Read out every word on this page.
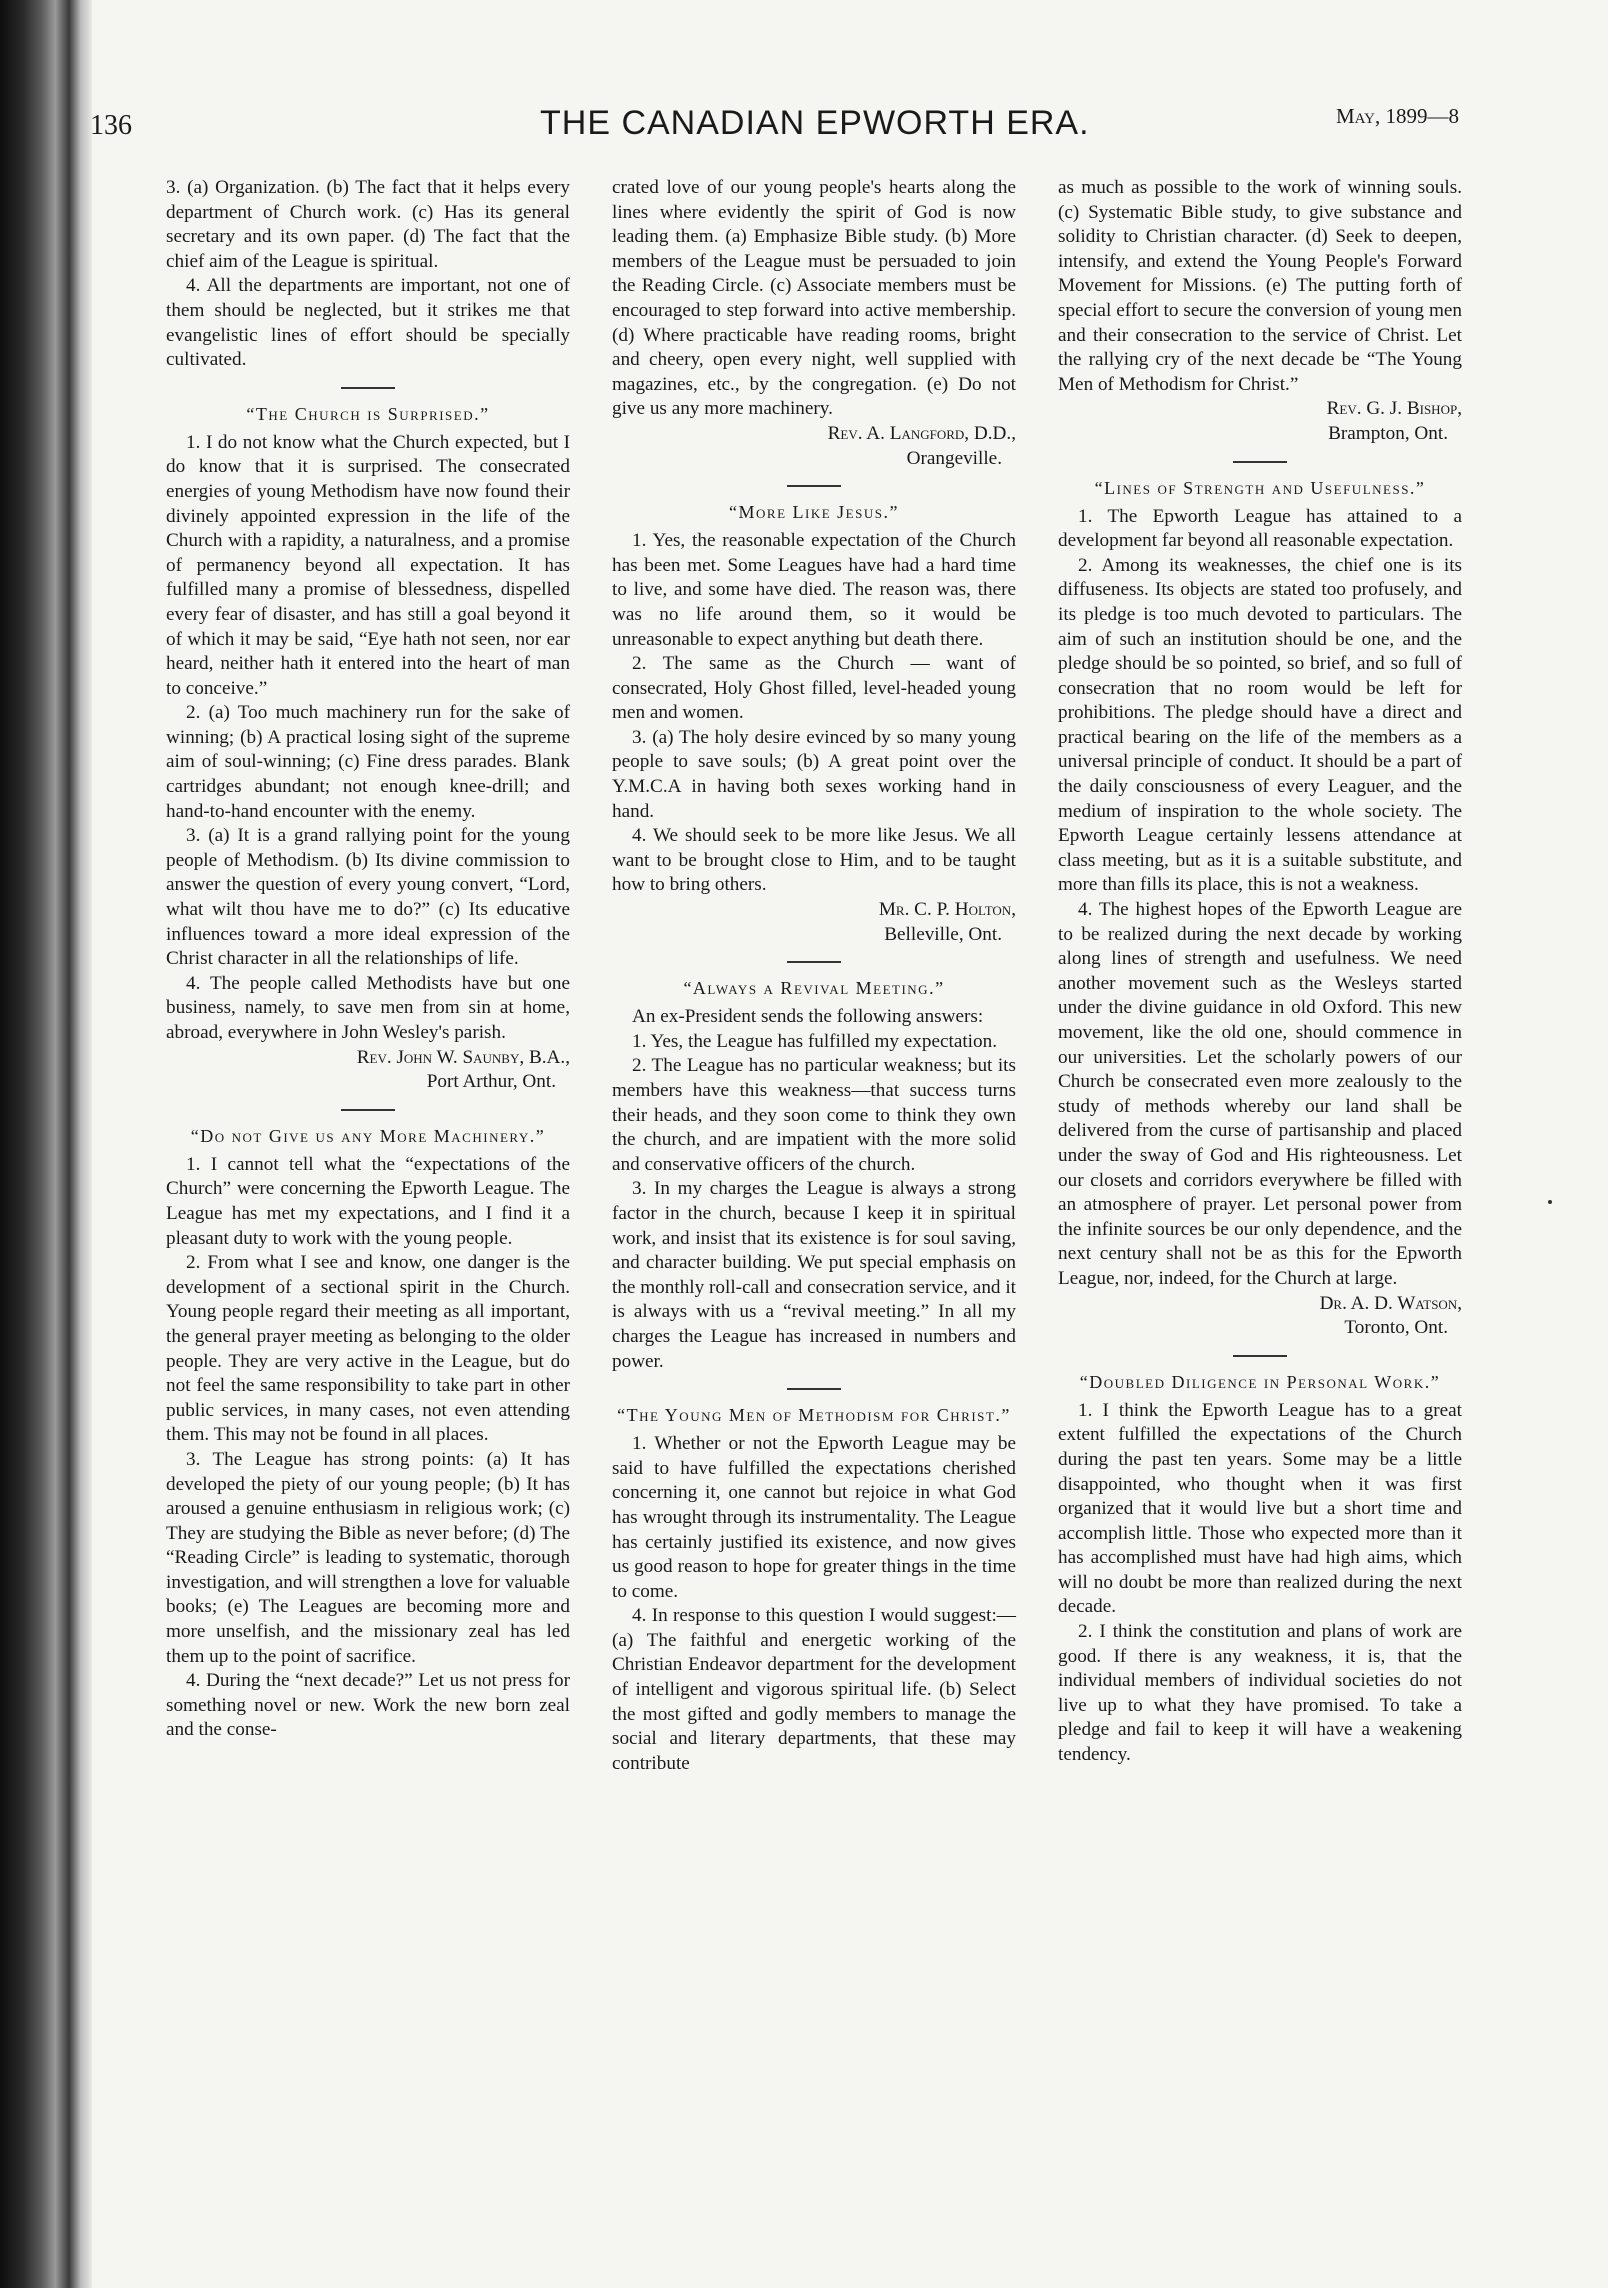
136	THE CANADIAN EPWORTH ERA.	May, 1899—8

3. (a) Organization. (b) The fact that it helps every department of Church work. (c) Has its general secretary and its own paper. (d) The fact that the chief aim of the League is spiritual.

4. All the departments are important, not one of them should be neglected, but it strikes me that evangelistic lines of effort should be specially cultivated.

“The Church is Surprised.”

1. I do not know what the Church expected, but I do know that it is surprised. The consecrated energies of young Methodism have now found their divinely appointed expression in the life of the Church with a rapidity, a naturalness, and a promise of permanency beyond all expectation. It has fulfilled many a promise of blessedness, dispelled every fear of disaster, and has still a goal beyond it of which it may be said, “Eye hath not seen, nor ear heard, neither hath it entered into the heart of man to conceive.”

2. (a) Too much machinery run for the sake of winning; (b) A practical losing sight of the supreme aim of soul-winning; (c) Fine dress parades. Blank cartridges abundant; not enough knee-drill; and hand-to-hand encounter with the enemy.

3. (a) It is a grand rallying point for the young people of Methodism. (b) Its divine commission to answer the question of every young convert, “Lord, what wilt thou have me to do?” (c) Its educative influences toward a more ideal expression of the Christ character in all the relationships of life.

4. The people called Methodists have but one business, namely, to save men from sin at home, abroad, everywhere in John Wesley's parish.

Rev. John W. Saunby, B.A.,

Port Arthur, Ont.

“Do not Give us any More Machinery.”

1. I cannot tell what the “expectations of the Church” were concerning the Epworth League. The League has met my expectations, and I find it a pleasant duty to work with the young people.

2. From what I see and know, one danger is the development of a sectional spirit in the Church. Young people regard their meeting as all important, the general prayer meeting as belonging to the older people. They are very active in the League, but do not feel the same responsibility to take part in other public services, in many cases, not even attending them. This may not be found in all places.

3. The League has strong points: (a) It has developed the piety of our young people; (b) It has aroused a genuine enthusiasm in religious work; (c) They are studying the Bible as never before; (d) The “Reading Circle” is leading to systematic, thorough investigation, and will strengthen a love for valuable books; (e) The Leagues are becoming more and more unselfish, and the missionary zeal has led them up to the point of sacrifice.

4. During the “next decade?” Let us not press for something novel or new. Work the new born zeal and the conse-

crated love of our young people's hearts along the lines where evidently the spirit of God is now leading them. (a) Emphasize Bible study. (b) More members of the League must be persuaded to join the Reading Circle. (c) Associate members must be encouraged to step forward into active membership. (d) Where practicable have reading rooms, bright and cheery, open every night, well supplied with magazines, etc., by the congregation. (e) Do not give us any more machinery.

Rev. A. Langford, D.D.,

Orangeville.

“More Like Jesus.”

1. Yes, the reasonable expectation of the Church has been met. Some Leagues have had a hard time to live, and some have died. The reason was, there was no life around them, so it would be unreasonable to expect anything but death there.

2. The same as the Church — want of consecrated, Holy Ghost filled, level-headed young men and women.

3. (a) The holy desire evinced by so many young people to save souls; (b) A great point over the Y.M.C.A in having both sexes working hand in hand.

4. We should seek to be more like Jesus. We all want to be brought close to Him, and to be taught how to bring others.

Mr. C. P. Holton,

Belleville, Ont.

“Always a Revival Meeting.”

An ex-President sends the following answers:

1. Yes, the League has fulfilled my expectation.

2. The League has no particular weakness; but its members have this weakness—that success turns their heads, and they soon come to think they own the church, and are impatient with the more solid and conservative officers of the church.

3. In my charges the League is always a strong factor in the church, because I keep it in spiritual work, and insist that its existence is for soul saving, and character building. We put special emphasis on the monthly roll-call and consecration service, and it is always with us a “revival meeting.” In all my charges the League has increased in numbers and power.

“The Young Men of Methodism for Christ.”

1. Whether or not the Epworth League may be said to have fulfilled the expectations cherished concerning it, one cannot but rejoice in what God has wrought through its instrumentality. The League has certainly justified its existence, and now gives us good reason to hope for greater things in the time to come.

4. In response to this question I would suggest:— (a) The faithful and energetic working of the Christian Endeavor department for the development of intelligent and vigorous spiritual life. (b) Select the most gifted and godly members to manage the social and literary departments, that these may contribute

as much as possible to the work of winning souls. (c) Systematic Bible study, to give substance and solidity to Christian character. (d) Seek to deepen, intensify, and extend the Young People's Forward Movement for Missions. (e) The putting forth of special effort to secure the conversion of young men and their consecration to the service of Christ. Let the rallying cry of the next decade be “The Young Men of Methodism for Christ.”

Rev. G. J. Bishop,

Brampton, Ont.

“Lines of Strength and Usefulness.”

1. The Epworth League has attained to a development far beyond all reasonable expectation.

2. Among its weaknesses, the chief one is its diffuseness. Its objects are stated too profusely, and its pledge is too much devoted to particulars. The aim of such an institution should be one, and the pledge should be so pointed, so brief, and so full of consecration that no room would be left for prohibitions. The pledge should have a direct and practical bearing on the life of the members as a universal principle of conduct. It should be a part of the daily consciousness of every Leaguer, and the medium of inspiration to the whole society. The Epworth League certainly lessens attendance at class meeting, but as it is a suitable substitute, and more than fills its place, this is not a weakness.

4. The highest hopes of the Epworth League are to be realized during the next decade by working along lines of strength and usefulness. We need another movement such as the Wesleys started under the divine guidance in old Oxford. This new movement, like the old one, should commence in our universities. Let the scholarly powers of our Church be consecrated even more zealously to the study of methods whereby our land shall be delivered from the curse of partisanship and placed under the sway of God and His righteousness. Let our closets and corridors everywhere be filled with an atmosphere of prayer. Let personal power from the infinite sources be our only dependence, and the next century shall not be as this for the Epworth League, nor, indeed, for the Church at large.

Dr. A. D. Watson,

Toronto, Ont.

“Doubled Diligence in Personal Work.”

1. I think the Epworth League has to a great extent fulfilled the expectations of the Church during the past ten years. Some may be a little disappointed, who thought when it was first organized that it would live but a short time and accomplish little. Those who expected more than it has accomplished must have had high aims, which will no doubt be more than realized during the next decade.

2. I think the constitution and plans of work are good. If there is any weakness, it is, that the individual members of individual societies do not live up to what they have promised. To take a pledge and fail to keep it will have a weakening tendency.
